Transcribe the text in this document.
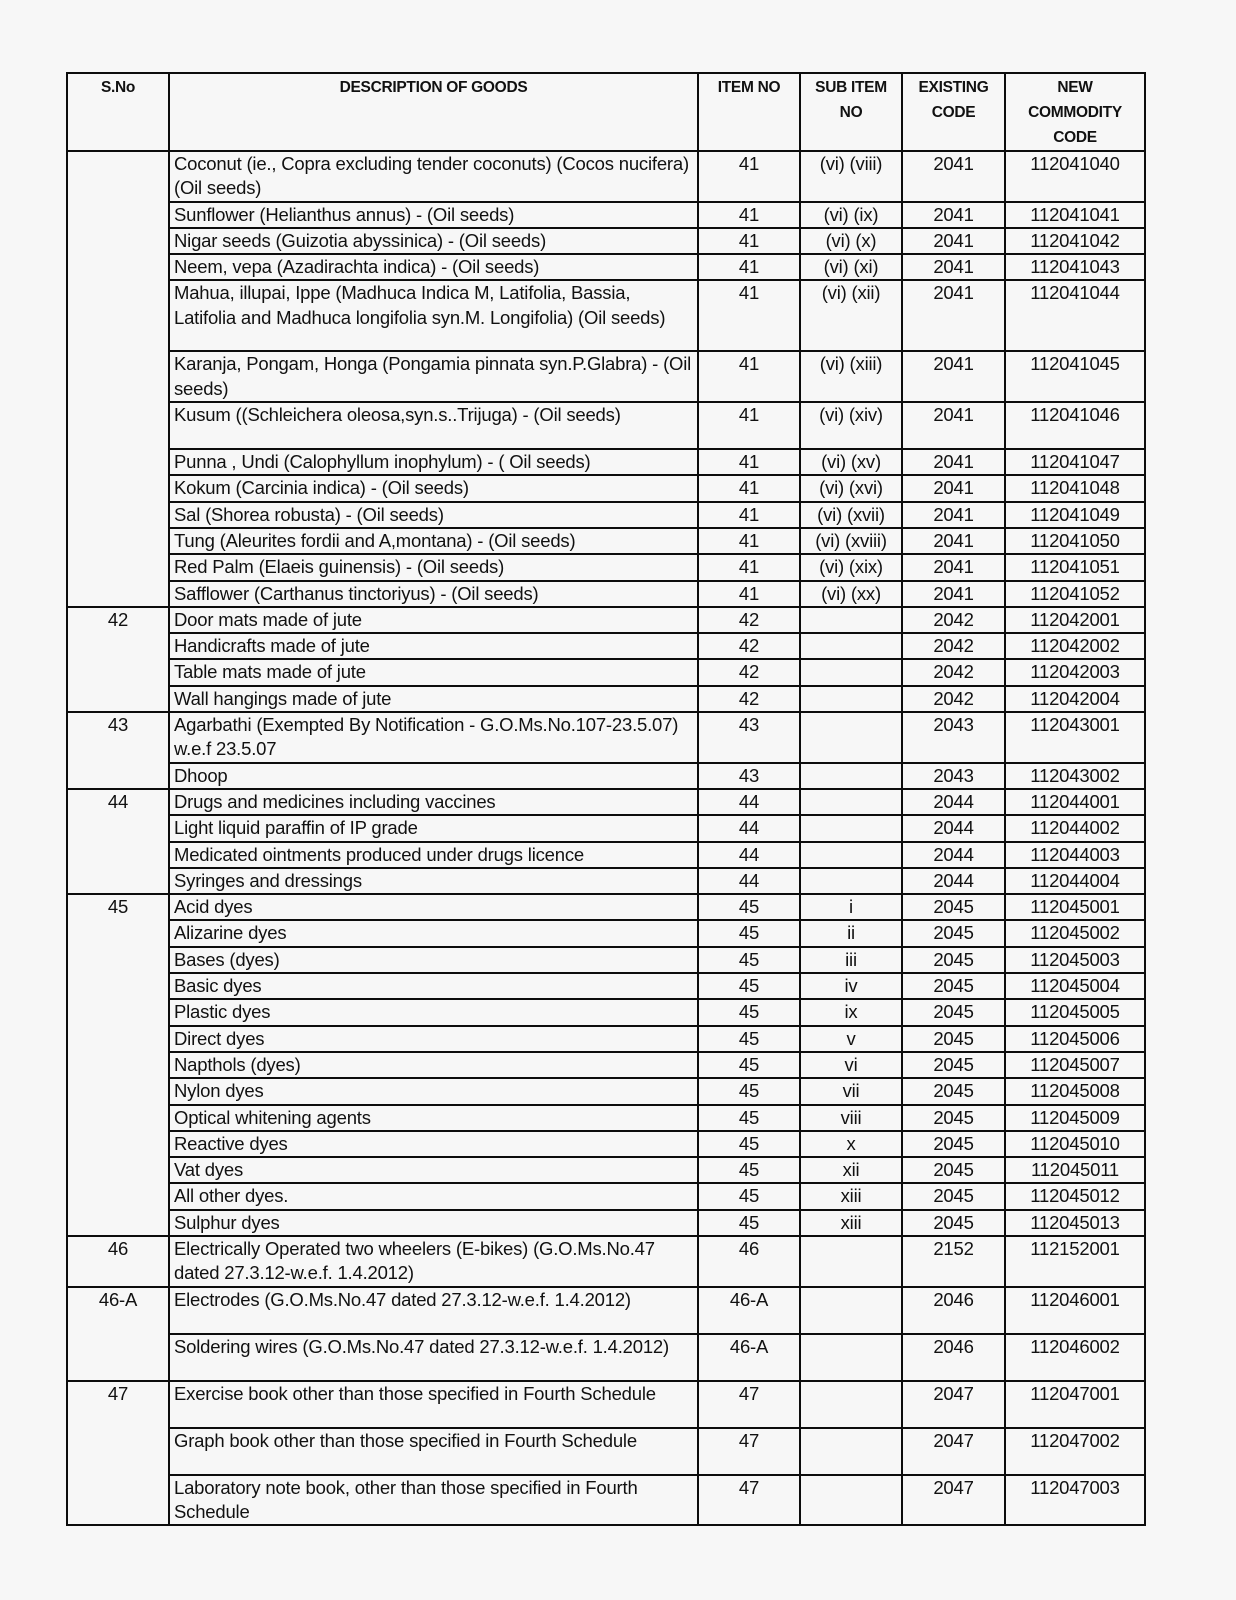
S.No	DESCRIPTION OF GOODS	ITEM NO	SUB ITEM NO	EXISTING CODE	NEW COMMODITY CODE
	Coconut (ie., Copra excluding tender coconuts) (Cocos nucifera) (Oil seeds)	41	(vi) (viii)	2041	112041040
	Sunflower (Helianthus annus) - (Oil seeds)	41	(vi) (ix)	2041	112041041
	Nigar seeds (Guizotia abyssinica) - (Oil seeds)	41	(vi) (x)	2041	112041042
	Neem, vepa (Azadirachta indica) - (Oil seeds)	41	(vi) (xi)	2041	112041043
	Mahua, illupai, Ippe (Madhuca Indica M, Latifolia, Bassia, Latifolia and Madhuca longifolia syn.M. Longifolia) (Oil seeds)	41	(vi) (xii)	2041	112041044
	Karanja, Pongam, Honga (Pongamia pinnata syn.P.Glabra) - (Oil seeds)	41	(vi) (xiii)	2041	112041045
	Kusum ((Schleichera oleosa,syn.s..Trijuga) - (Oil seeds)	41	(vi) (xiv)	2041	112041046
	Punna , Undi (Calophyllum inophylum) - ( Oil seeds)	41	(vi) (xv)	2041	112041047
	Kokum (Carcinia indica) - (Oil seeds)	41	(vi) (xvi)	2041	112041048
	Sal (Shorea robusta) - (Oil seeds)	41	(vi) (xvii)	2041	112041049
	Tung (Aleurites fordii and A,montana) - (Oil seeds)	41	(vi) (xviii)	2041	112041050
	Red Palm (Elaeis guinensis) - (Oil seeds)	41	(vi) (xix)	2041	112041051
	Safflower (Carthanus tinctoriyus) - (Oil seeds)	41	(vi) (xx)	2041	112041052
42	Door mats made of jute	42		2042	112042001
	Handicrafts made of jute	42		2042	112042002
	Table mats made of jute	42		2042	112042003
	Wall hangings made of jute	42		2042	112042004
43	Agarbathi (Exempted By Notification - G.O.Ms.No.107-23.5.07) w.e.f 23.5.07	43		2043	112043001
	Dhoop	43		2043	112043002
44	Drugs and medicines including vaccines	44		2044	112044001
	Light liquid paraffin of IP grade	44		2044	112044002
	Medicated ointments produced under drugs licence	44		2044	112044003
	Syringes and dressings	44		2044	112044004
45	Acid dyes	45	i	2045	112045001
	Alizarine dyes	45	ii	2045	112045002
	Bases (dyes)	45	iii	2045	112045003
	Basic dyes	45	iv	2045	112045004
	Plastic dyes	45	ix	2045	112045005
	Direct dyes	45	v	2045	112045006
	Napthols (dyes)	45	vi	2045	112045007
	Nylon dyes	45	vii	2045	112045008
	Optical whitening agents	45	viii	2045	112045009
	Reactive dyes	45	x	2045	112045010
	Vat dyes	45	xii	2045	112045011
	All other dyes.	45	xiii	2045	112045012
	Sulphur dyes	45	xiii	2045	112045013
46	Electrically Operated two wheelers (E-bikes) (G.O.Ms.No.47 dated 27.3.12-w.e.f. 1.4.2012)	46		2152	112152001
46-A	Electrodes (G.O.Ms.No.47 dated 27.3.12-w.e.f. 1.4.2012)	46-A		2046	112046001
	Soldering wires (G.O.Ms.No.47 dated 27.3.12-w.e.f. 1.4.2012)	46-A		2046	112046002
47	Exercise book other than those specified in Fourth Schedule	47		2047	112047001
	Graph book other than those specified in Fourth Schedule	47		2047	112047002
	Laboratory note book, other than those specified in Fourth Schedule	47		2047	112047003
